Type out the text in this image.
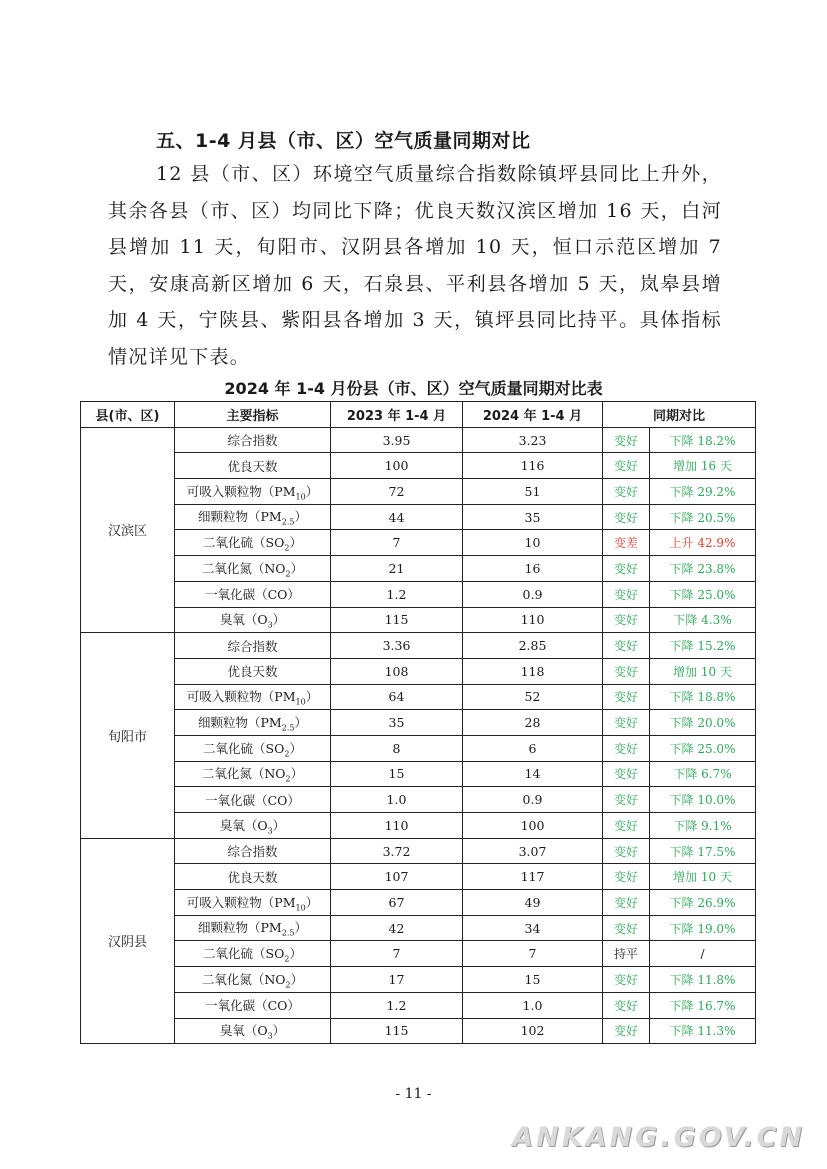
五、1-4 月县（市、区）空气质量同期对比

12 县（市、区）环境空气质量综合指数除镇坪县同比上升外，其余各县（市、区）均同比下降；优良天数汉滨区增加 16 天，白河县增加 11 天，旬阳市、汉阴县各增加 10 天，恒口示范区增加 7 天，安康高新区增加 6 天，石泉县、平利县各增加 5 天，岚皋县增加 4 天，宁陕县、紫阳县各增加 3 天，镇坪县同比持平。具体指标情况详见下表。

2024 年 1-4 月份县（市、区）空气质量同期对比表
县(市、区)	主要指标	2023 年 1-4 月	2024 年 1-4 月	同期对比	
汉滨区	综合指数	3.95	3.23	变好	下降 18.2%
	优良天数	100	116	变好	增加 16 天
	可吸入颗粒物$(PM_{10})$	72	51	变好	下降 29.2%
	细颗粒物$(PM_{2.5})$	44	35	变好	下降 20.5%
	二氧化硫$(SO_2)$	7	10	变差	上升 42.9%
	二氧化氮$(NO_2)$	21	16	变好	下降 23.8%
	一氧化碳（CO）	1.2	0.9	变好	下降 25.0%
	臭氧$(O_3)$	115	110	变好	下降 4.3%
旬阳市	综合指数	3.36	2.85	变好	下降 15.2%
	优良天数	108	118	变好	增加 10 天
	可吸入颗粒物$(PM_{10})$	64	52	变好	下降 18.8%
	细颗粒物$(PM_{2.5})$	35	28	变好	下降 20.0%
	二氧化硫$(SO_2)$	8	6	变好	下降 25.0%
	二氧化氮$(NO_2)$	15	14	变好	下降 6.7%
	一氧化碳（CO）	1.0	0.9	变好	下降 10.0%
	臭氧$(O_3)$	110	100	变好	下降 9.1%
汉阴县	综合指数	3.72	3.07	变好	下降 17.5%
	优良天数	107	117	变好	增加 10 天
	可吸入颗粒物$(PM_{10})$	67	49	变好	下降 26.9%
	细颗粒物$(PM_{2.5})$	42	34	变好	下降 19.0%
	二氧化硫$(SO_2)$	7	7	持平	/
	二氧化氮$(NO_2)$	17	15	变好	下降 11.8%
	一氧化碳（CO）	1.2	1.0	变好	下降 16.7%
	臭氧$(O_3)$	115	102	变好	下降 11.3%
- 11 -
ANKANG.GOV.CN
